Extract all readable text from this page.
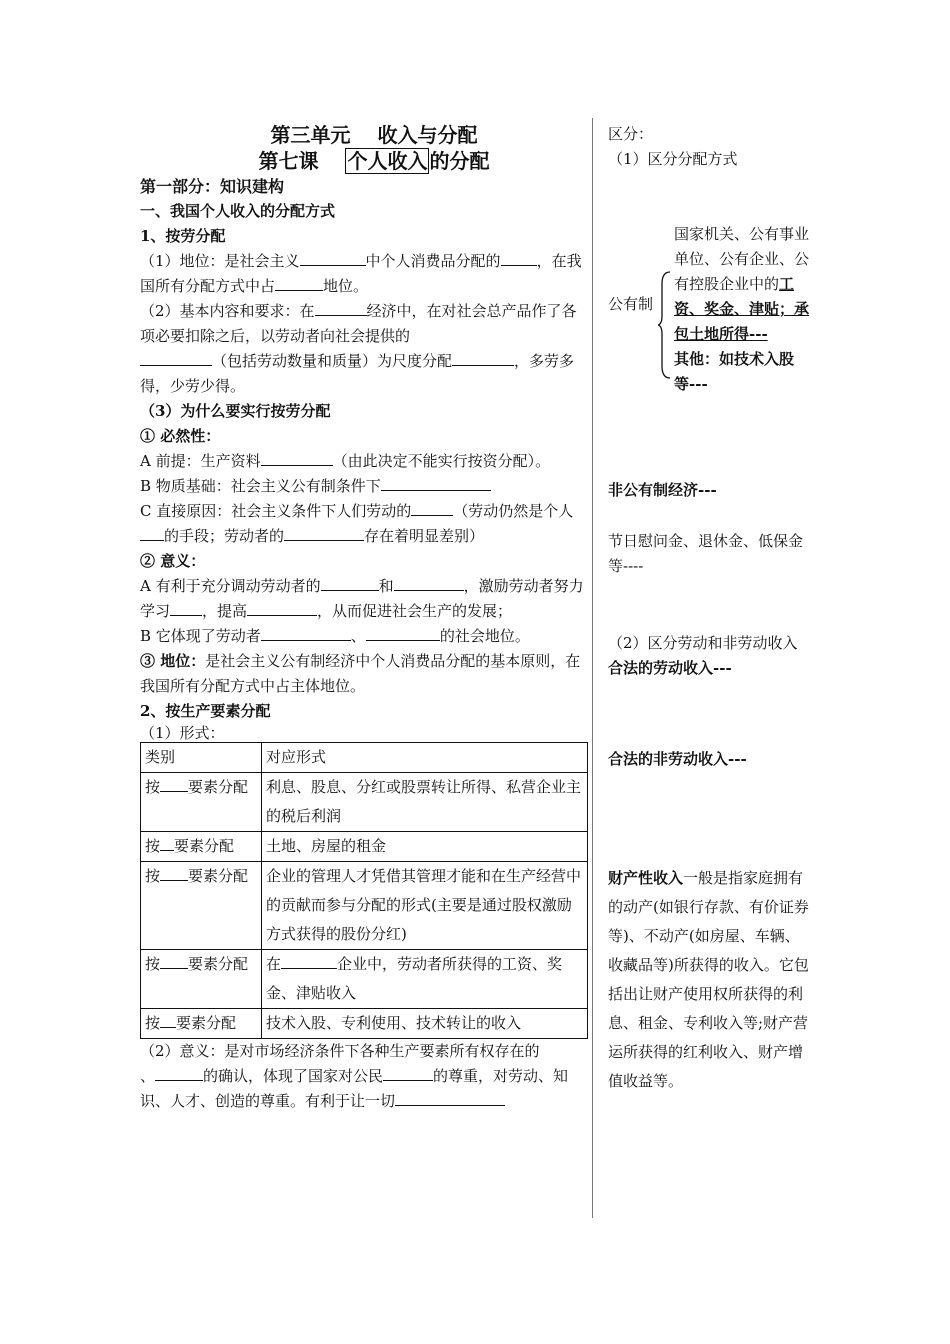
第三单元　 收入与分配
第七课　 个人收入 的分配

第一部分：知识建构

一、我国个人收入的分配方式

1、按劳分配

（1）地位：是社会主义	中个人消费品分配的 ，在我国所有分配方式中占	地位。

（2）基本内容和要求：在	经济中，在对社会总产品作了各项必要扣除之后，以劳动者向社会提供的
（包括劳动数量和质量）为尺度分配	，多劳多得，少劳少得。

（3）为什么要实行按劳分配

① 必然性：

A 前提：生产资料	（由此决定不能实行按资分配）。

B 物质基础：社会主义公有制条件下

C 直接原因：社会主义条件下人们劳动的	（劳动仍然是个人的手段；劳动者的	存在着明显差别）

② 意义：

A 有利于充分调动劳动者的	和	，激励劳动者努力学习 ，提高	，从而促进社会生产的发展；

B 它体现了劳动者	、	的社会地位。

③ 地位：是社会主义公有制经济中个人消费品分配的基本原则，在我国所有分配方式中占主体地位。

2、按生产要素分配

（1）形式：

类别	对应形式
按 要素分配	利息、股息、分红或股票转让所得、私营企业主的税后利润
按 要素分配	土地、房屋的租金
按 要素分配	企业的管理人才凭借其管理才能和在生产经营中的贡献而参与分配的形式(主要是通过股权激励方式获得的股份分红)
按 要素分配	在 企业中，劳动者所获得的工资、奖金、津贴收入
按 要素分配	技术入股、专利使用、技术转让的收入

（2）意义：是对市场经济条件下各种生产要素所有权存在的
、	的确认，体现了国家对公民	的尊重，对劳动、知识、人才、创造的尊重。有利于让一切

区分：

（1）区分分配方式

公有制
国家机关、公有事业单位、公有企业、公有控股企业中的工资、奖金、津贴；承包土地所得---
其他：如技术入股等---

非公有制经济---

节日慰问金、退休金、低保金等----

（2）区分劳动和非劳动收入

合法的劳动收入---

合法的非劳动收入---

财产性收入一般是指家庭拥有的动产(如银行存款、有价证券等)、不动产(如房屋、车辆、收藏品等)所获得的收入。它包括出让财产使用权所获得的利息、租金、专利收入等;财产营运所获得的红利收入、财产增值收益等。
